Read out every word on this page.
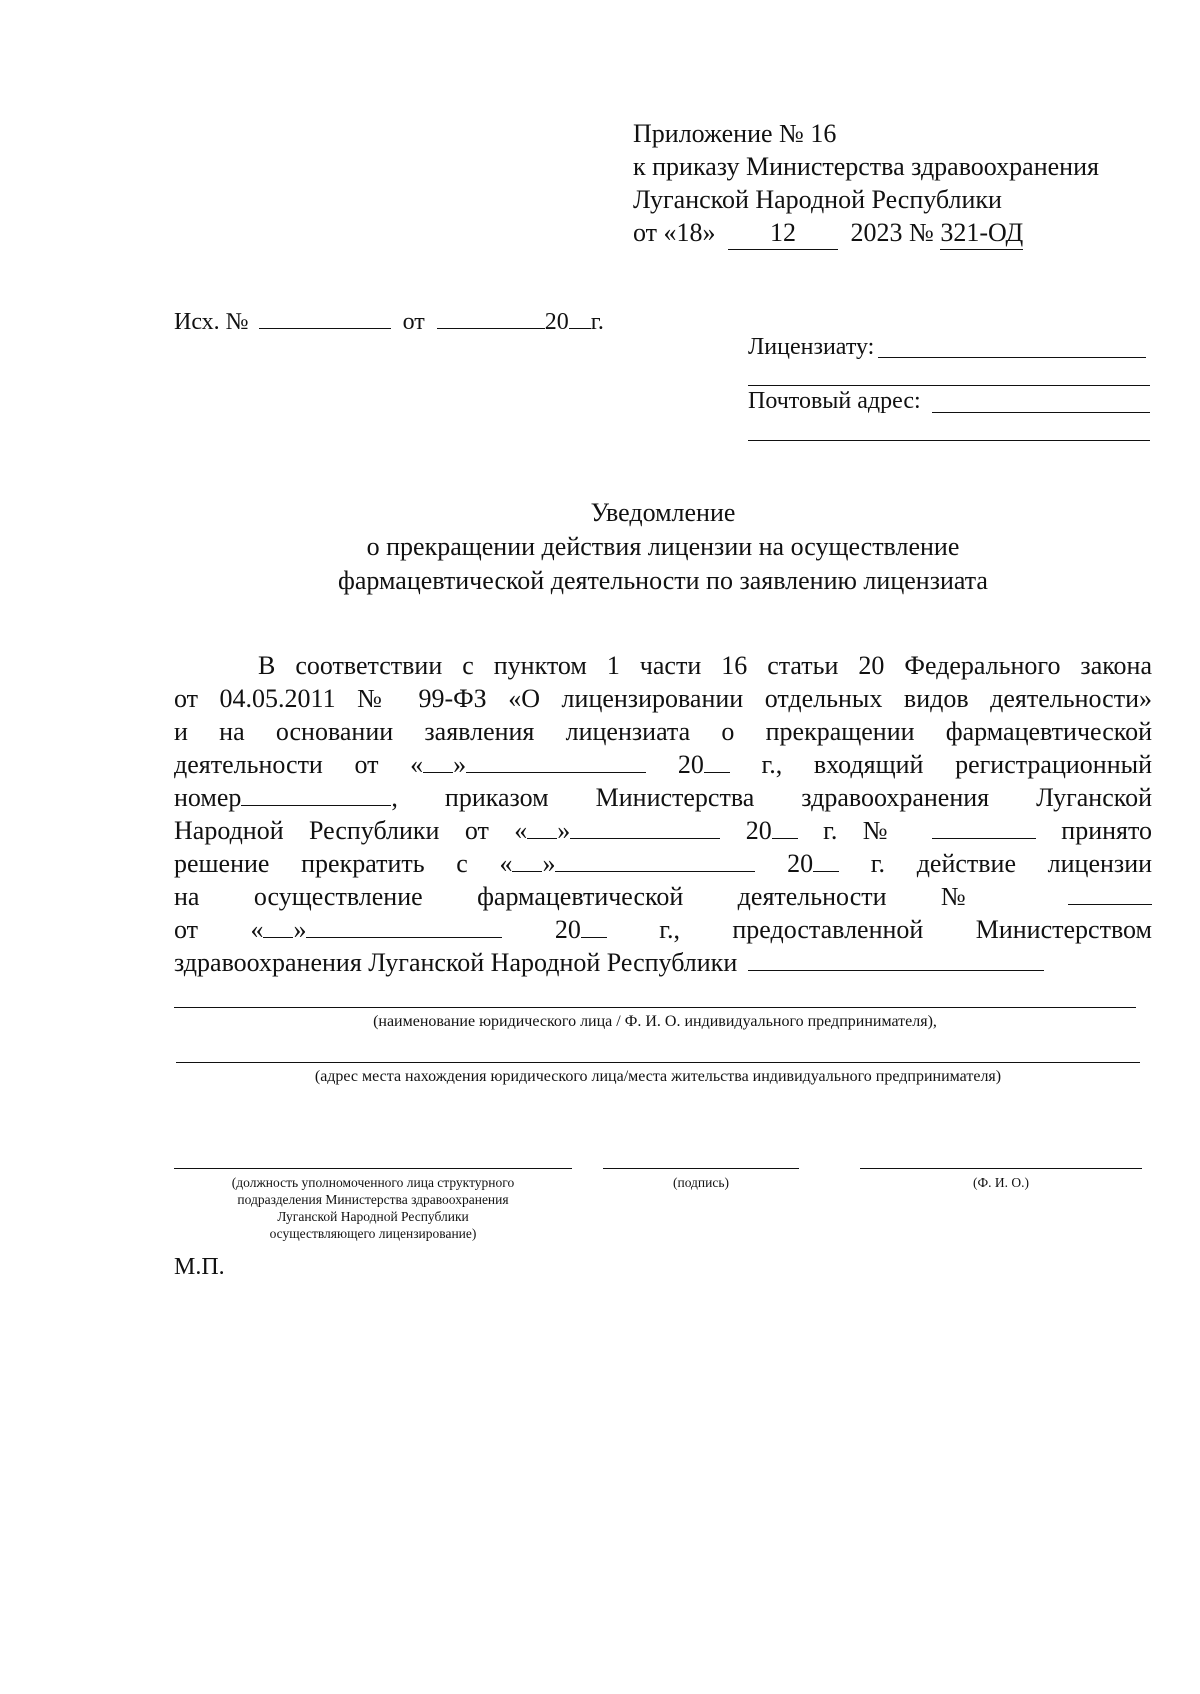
Приложение № 16
к приказу Министерства здравоохранения
Луганской Народной Республики
от «18» 12 2023 № 321-ОД
Исх. №	от	20 г.
Лицензиату:
Почтовый адрес:
Уведомление
о прекращении действия лицензии на осуществление
фармацевтической деятельности по заявлению лицензиата
В соответствии с пунктом 1 части 16 статьи 20 Федерального закона
от 04.05.2011 № 99-ФЗ «О лицензировании отдельных видов деятельности»
и на основании заявления лицензиата о прекращении фармацевтической
деятельности от « »	20 г., входящий регистрационный
номер	, приказом Министерства здравоохранения Луганской
Народной Республики от « »	20 г. №	принято
решение прекратить с « »	20 г. действие лицензии
на осуществление фармацевтической деятельности №
от « »	20	г., предоставленной Министерством
здравоохранения Луганской Народной Республики
(наименование юридического лица / Ф. И. О. индивидуального предпринимателя),
(адрес места нахождения юридического лица/места жительства индивидуального предпринимателя)
(должность уполномоченного лица структурного
подразделения Министерства здравоохранения
Луганской Народной Республики
осуществляющего лицензирование)
(подпись)	(Ф. И. О.)
М.П.
